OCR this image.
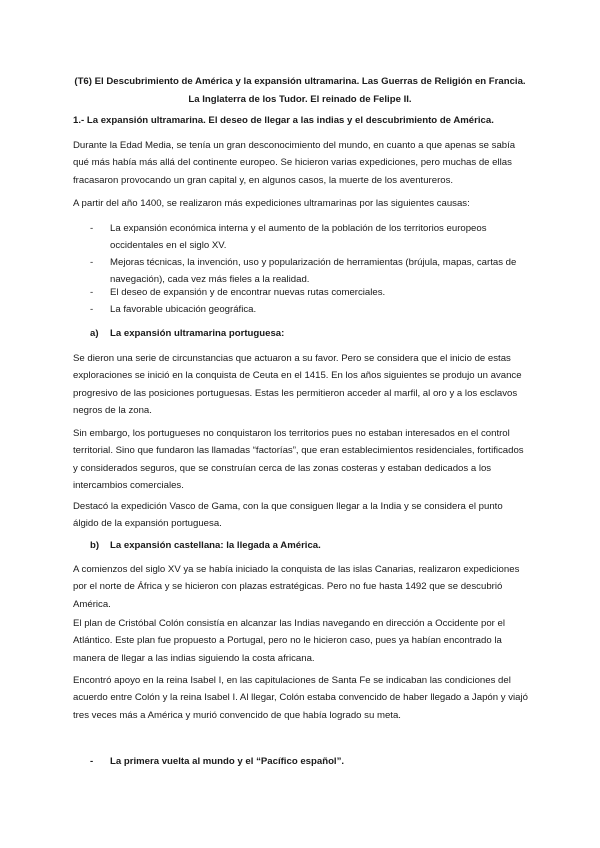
(T6) El Descubrimiento de América y la expansión ultramarina. Las Guerras de Religión en Francia.
La Inglaterra de los Tudor. El reinado de Felipe II.
1.- La expansión ultramarina. El deseo de llegar a las indias y el descubrimiento de América.
Durante la Edad Media, se tenía un gran desconocimiento del mundo, en cuanto a que apenas se sabía qué más había más allá del continente europeo. Se hicieron varias expediciones, pero muchas de ellas fracasaron provocando un gran capital y, en algunos casos, la muerte de los aventureros.
A partir del año 1400, se realizaron más expediciones ultramarinas por las siguientes causas:
- La expansión económica interna y el aumento de la población de los territorios europeos occidentales en el siglo XV.
- Mejoras técnicas, la invención, uso y popularización de herramientas (brújula, mapas, cartas de navegación), cada vez más fieles a la realidad.
- El deseo de expansión y de encontrar nuevas rutas comerciales.
- La favorable ubicación geográfica.
a) La expansión ultramarina portuguesa:
Se dieron una serie de circunstancias que actuaron a su favor. Pero se considera que el inicio de estas exploraciones se inició en la conquista de Ceuta en el 1415. En los años siguientes se produjo un avance progresivo de las posiciones portuguesas. Estas les permitieron acceder al marfil, al oro y a los esclavos negros de la zona.
Sin embargo, los portugueses no conquistaron los territorios pues no estaban interesados en el control territorial. Sino que fundaron las llamadas “factorías”, que eran establecimientos residenciales, fortificados y considerados seguros, que se construían cerca de las zonas costeras y estaban dedicados a los intercambios comerciales.
Destacó la expedición Vasco de Gama, con la que consiguen llegar a la India y se considera el punto álgido de la expansión portuguesa.
b) La expansión castellana: la llegada a América.
A comienzos del siglo XV ya se había iniciado la conquista de las islas Canarias, realizaron expediciones por el norte de África y se hicieron con plazas estratégicas. Pero no fue hasta 1492 que se descubrió América.
El plan de Cristóbal Colón consistía en alcanzar las Indias navegando en dirección a Occidente por el Atlántico. Este plan fue propuesto a Portugal, pero no le hicieron caso, pues ya habían encontrado la manera de llegar a las indias siguiendo la costa africana.
Encontró apoyo en la reina Isabel I, en las capitulaciones de Santa Fe se indicaban las condiciones del acuerdo entre Colón y la reina Isabel I. Al llegar, Colón estaba convencido de haber llegado a Japón y viajó tres veces más a América y murió convencido de que había logrado su meta.
- La primera vuelta al mundo y el “Pacífico español”.
